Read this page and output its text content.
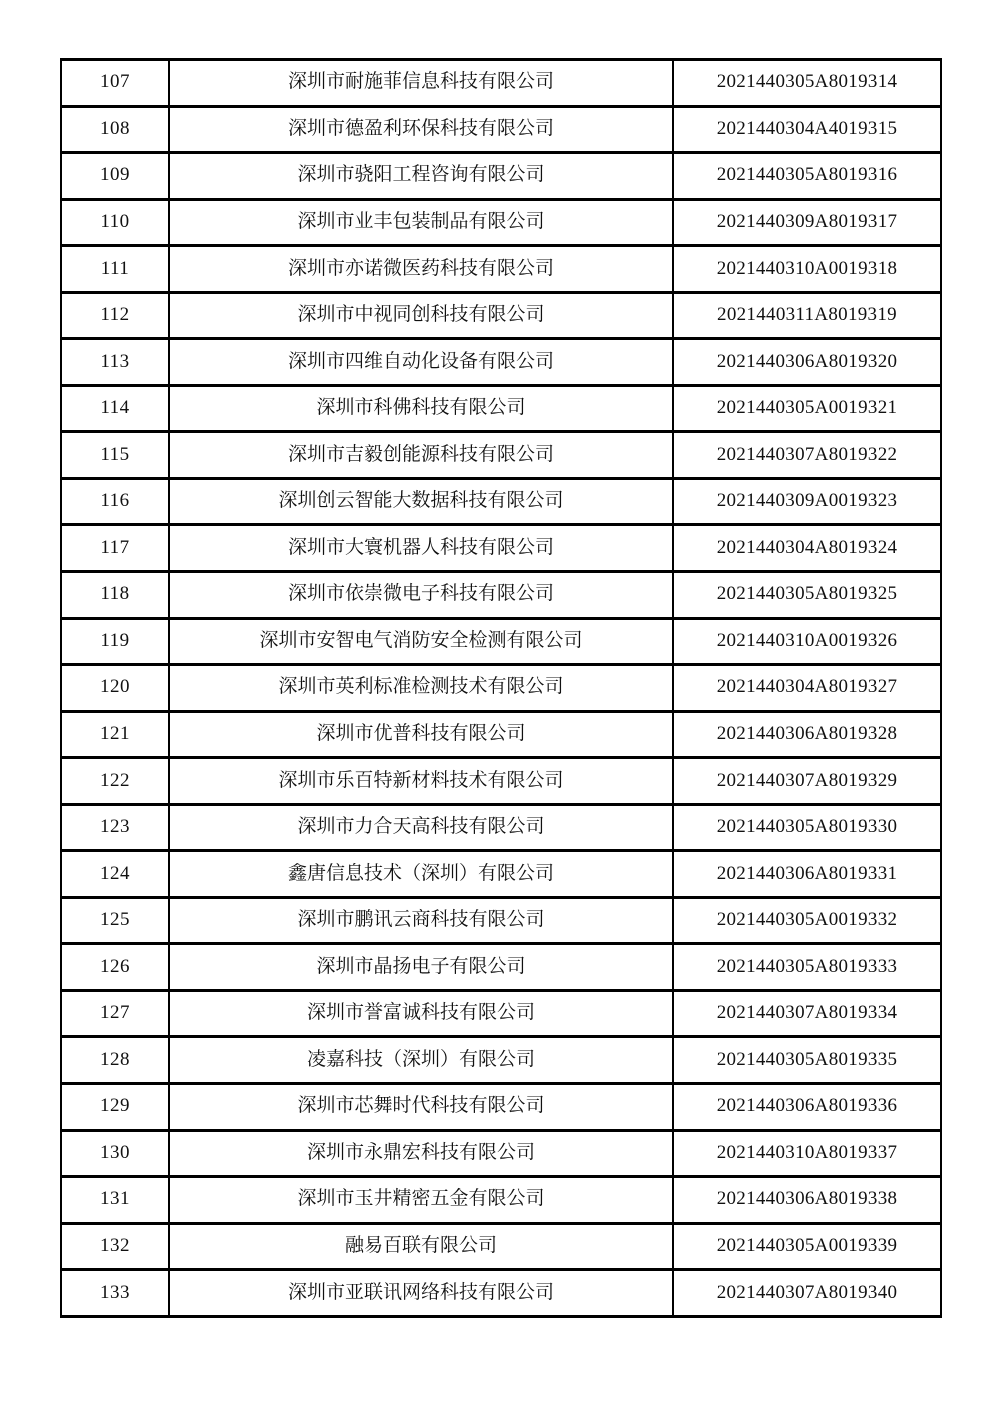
107	深圳市耐施菲信息科技有限公司	2021440305A8019314
108	深圳市德盈利环保科技有限公司	2021440304A4019315
109	深圳市骁阳工程咨询有限公司	2021440305A8019316
110	深圳市业丰包装制品有限公司	2021440309A8019317
111	深圳市亦诺微医药科技有限公司	2021440310A0019318
112	深圳市中视同创科技有限公司	2021440311A8019319
113	深圳市四维自动化设备有限公司	2021440306A8019320
114	深圳市科佛科技有限公司	2021440305A0019321
115	深圳市吉毅创能源科技有限公司	2021440307A8019322
116	深圳创云智能大数据科技有限公司	2021440309A0019323
117	深圳市大寰机器人科技有限公司	2021440304A8019324
118	深圳市依崇微电子科技有限公司	2021440305A8019325
119	深圳市安智电气消防安全检测有限公司	2021440310A0019326
120	深圳市英利标准检测技术有限公司	2021440304A8019327
121	深圳市优普科技有限公司	2021440306A8019328
122	深圳市乐百特新材料技术有限公司	2021440307A8019329
123	深圳市力合天高科技有限公司	2021440305A8019330
124	鑫唐信息技术（深圳）有限公司	2021440306A8019331
125	深圳市鹏讯云商科技有限公司	2021440305A0019332
126	深圳市晶扬电子有限公司	2021440305A8019333
127	深圳市誉富诚科技有限公司	2021440307A8019334
128	凌嘉科技（深圳）有限公司	2021440305A8019335
129	深圳市芯舞时代科技有限公司	2021440306A8019336
130	深圳市永鼎宏科技有限公司	2021440310A8019337
131	深圳市玉井精密五金有限公司	2021440306A8019338
132	融易百联有限公司	2021440305A0019339
133	深圳市亚联讯网络科技有限公司	2021440307A8019340
